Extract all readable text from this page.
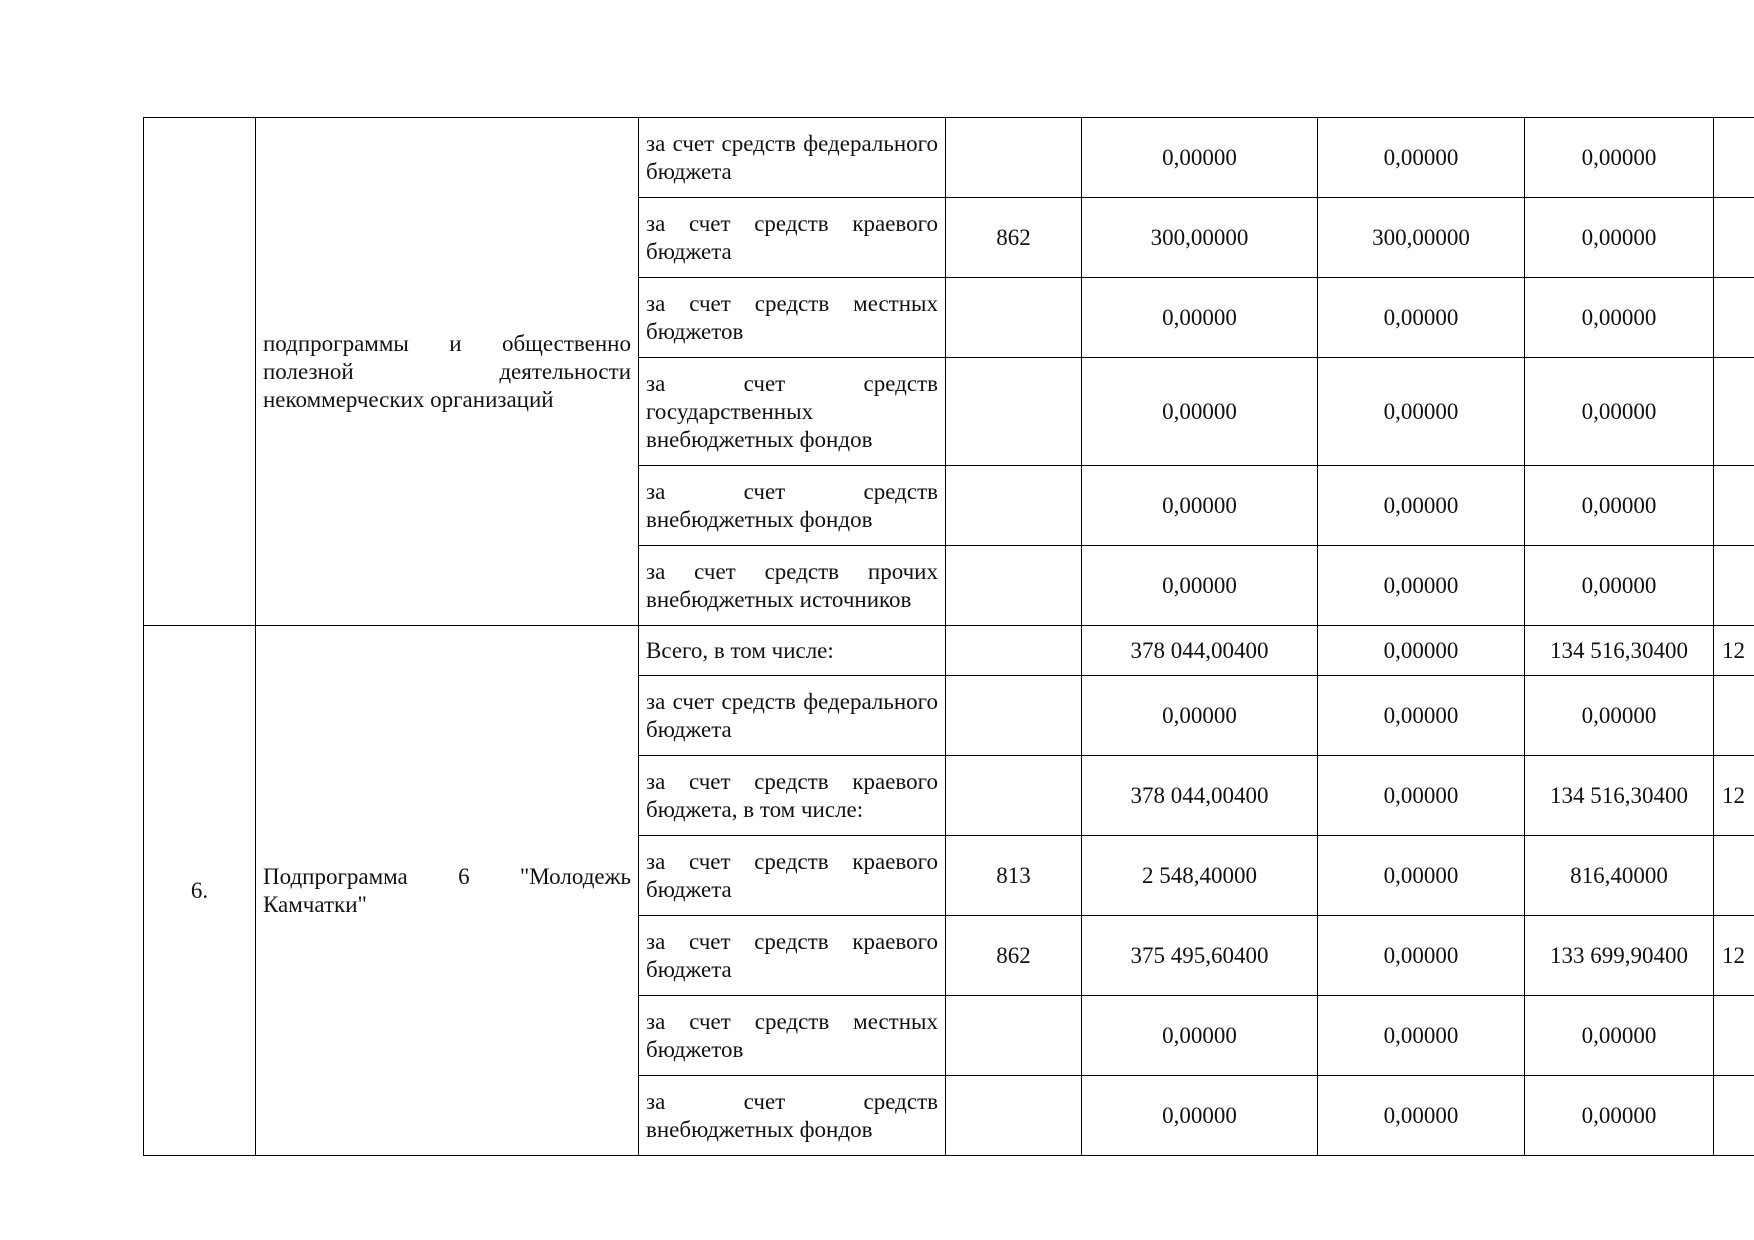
	подпрограммы и общественно полезной деятельности некоммерческих организаций	за счет средств федерального бюджета		0,00000	0,00000	0,00000	
		за счет средств краевого бюджета	862	300,00000	300,00000	0,00000	
		за счет средств местных бюджетов		0,00000	0,00000	0,00000	
		за счет средств государственных внебюджетных фондов		0,00000	0,00000	0,00000	
		за счет средств внебюджетных фондов		0,00000	0,00000	0,00000	
		за счет средств прочих внебюджетных источников		0,00000	0,00000	0,00000	
6.	Подпрограмма 6 "Молодежь Камчатки"	Всего, в том числе:		378 044,00400	0,00000	134 516,30400	12
		за счет средств федерального бюджета		0,00000	0,00000	0,00000	
		за счет средств краевого бюджета, в том числе:		378 044,00400	0,00000	134 516,30400	12
		за счет средств краевого бюджета	813	2 548,40000	0,00000	816,40000	
		за счет средств краевого бюджета	862	375 495,60400	0,00000	133 699,90400	12
		за счет средств местных бюджетов		0,00000	0,00000	0,00000	
		за счет средств внебюджетных фондов		0,00000	0,00000	0,00000	
